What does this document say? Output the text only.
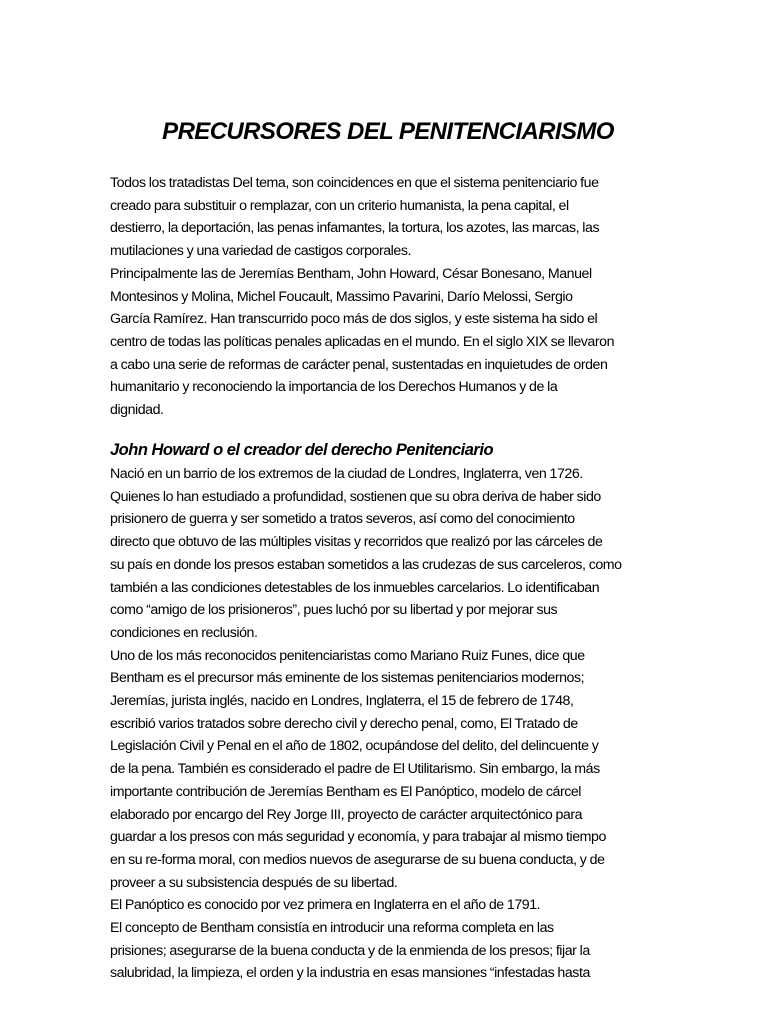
PRECURSORES DEL PENITENCIARISMO

Todos los tratadistas Del tema, son coincidences en que el sistema penitenciario fue
creado para substituir o remplazar, con un criterio humanista, la pena capital, el
destierro, la deportación, las penas infamantes, la tortura, los azotes, las marcas, las
mutilaciones y una variedad de castigos corporales.

Principalmente las de Jeremías Bentham, John Howard, César Bonesano, Manuel
Montesinos y Molina, Michel Foucault, Massimo Pavarini, Darío Melossi, Sergio
García Ramírez. Han transcurrido poco más de dos siglos, y este sistema ha sido el
centro de todas las políticas penales aplicadas en el mundo. En el siglo XIX se llevaron
a cabo una serie de reformas de carácter penal, sustentadas en inquietudes de orden
humanitario y reconociendo la importancia de los Derechos Humanos y de la
dignidad.

John Howard o el creador del derecho Penitenciario

Nació en un barrio de los extremos de la ciudad de Londres, Inglaterra, ven 1726.
Quienes lo han estudiado a profundidad, sostienen que su obra deriva de haber sido
prisionero de guerra y ser sometido a tratos severos, así como del conocimiento
directo que obtuvo de las múltiples visitas y recorridos que realizó por las cárceles de
su país en donde los presos estaban sometidos a las crudezas de sus carceleros, como
también a las condiciones detestables de los inmuebles carcelarios. Lo identificaban
como “amigo de los prisioneros”, pues luchó por su libertad y por mejorar sus
condiciones en reclusión.

Uno de los más reconocidos penitenciaristas como Mariano Ruiz Funes, dice que
Bentham es el precursor más eminente de los sistemas penitenciarios modernos;
Jeremías, jurista inglés, nacido en Londres, Inglaterra, el 15 de febrero de 1748,
escribió varios tratados sobre derecho civil y derecho penal, como, El Tratado de
Legislación Civil y Penal en el año de 1802, ocupándose del delito, del delincuente y
de la pena. También es considerado el padre de El Utilitarismo. Sin embargo, la más
importante contribución de Jeremías Bentham es El Panóptico, modelo de cárcel
elaborado por encargo del Rey Jorge III, proyecto de carácter arquitectónico para
guardar a los presos con más seguridad y economía, y para trabajar al mismo tiempo
en su re-forma moral, con medios nuevos de asegurarse de su buena conducta, y de
proveer a su subsistencia después de su libertad.

El Panóptico es conocido por vez primera en Inglaterra en el año de 1791.

El concepto de Bentham consistía en introducir una reforma completa en las
prisiones; asegurarse de la buena conducta y de la enmienda de los presos; fijar la
salubridad, la limpieza, el orden y la industria en esas mansiones “infestadas hasta
